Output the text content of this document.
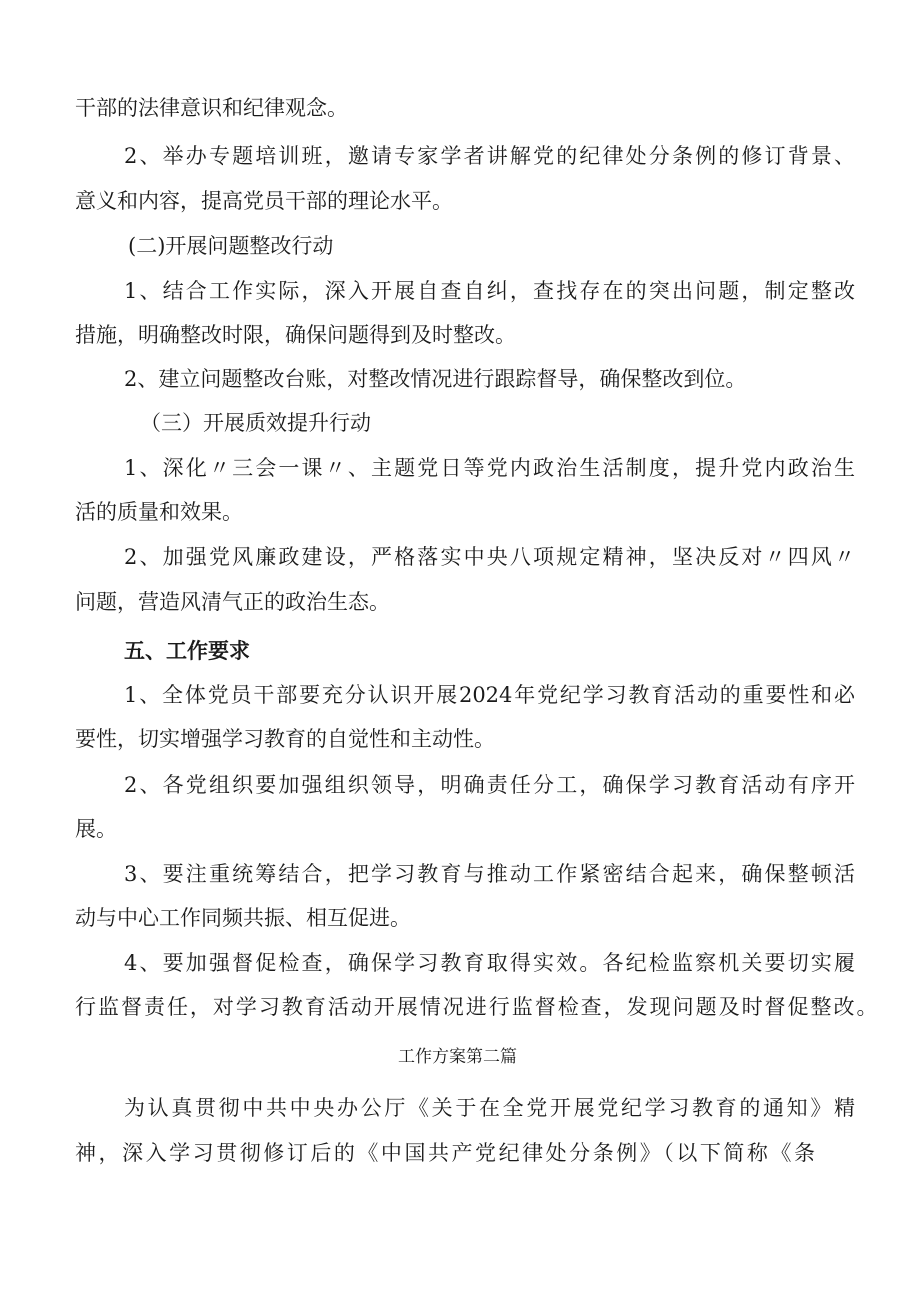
干部的法律意识和纪律观念。
2、举办专题培训班，邀请专家学者讲解党的纪律处分条例的修订背景、
意义和内容，提高党员干部的理论水平。
(二)开展问题整改行动
1、结合工作实际，深入开展自查自纠，查找存在的突出问题，制定整改
措施，明确整改时限，确保问题得到及时整改。
2、建立问题整改台账，对整改情况进行跟踪督导，确保整改到位。
（三）开展质效提升行动
1、深化〃三会一课〃、主题党日等党内政治生活制度，提升党内政治生
活的质量和效果。
2、加强党风廉政建设，严格落实中央八项规定精神，坚决反对〃四风〃
问题，营造风清气正的政治生态。
五、工作要求
1、全体党员干部要充分认识开展2024年党纪学习教育活动的重要性和必
要性，切实增强学习教育的自觉性和主动性。
2、各党组织要加强组织领导，明确责任分工，确保学习教育活动有序开
展。
3、要注重统筹结合，把学习教育与推动工作紧密结合起来，确保整顿活
动与中心工作同频共振、相互促进。
4、要加强督促检查，确保学习教育取得实效。各纪检监察机关要切实履
行监督责任，对学习教育活动开展情况进行监督检查，发现问题及时督促整改。
工作方案第二篇
为认真贯彻中共中央办公厅《关于在全党开展党纪学习教育的通知》精
神，深入学习贯彻修订后的《中国共产党纪律处分条例》（以下简称《条
